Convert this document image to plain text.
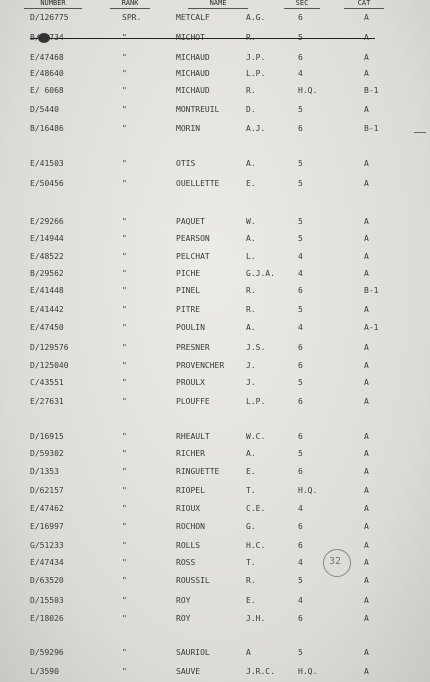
NUMBER	RANK	NAME	SEC	CAT
D/126775	SPR.	METCALF	A.G.	6	A
E/47468	"	MICHAUD	J.P.	6	A
E/48640	"	MICHAUD	L.P.	4	A
E/ 6068	"	MICHAUD	R.	H.Q.	B-1
D/5440	"	MONTREUIL	D.	5	A
B/16486	"	MORIN	A.J.	6	B-1
E/41503	"	OTIS	A.	5	A
E/50456	"	OUELLETTE	E.	5	A
E/29266	"	PAQUET	W.	5	A
E/14944	"	PEARSON	A.	5	A
E/48522	"	PELCHAT	L.	4	A
B/29562	"	PICHE	G.J.A.	4	A
E/41448	"	PINEL	R.	6	B-1
E/41442	"	PITRE	R.	5	A
E/47450	"	POULIN	A.	4	A-1
D/129576	"	PRESNER	J.S.	6	A
D/125040	"	PROVENCHER	J.	6	A
C/43551	"	PROULX	J.	5	A
E/27631	"	PLOUFFE	L.P.	6	A
D/16915	"	RHEAULT	W.C.	6	A
D/59302	"	RICHER	A.	5	A
D/1353	"	RINGUETTE	E.	6	A
D/62157	"	RIOPEL	T.	H.Q.	A
E/47462	"	RIOUX	C.E.	4	A
E/16997	"	ROCHON	G.	6	A
G/51233	"	ROLLS	H.C.	6	A
E/47434	"	ROSS	T.	4	A
D/63520	"	ROUSSIL	R.	5	A
D/15503	"	ROY	E.	4	A
E/18026	"	ROY	J.H.	6	A
D/59296	"	SAURIOL	A	5	A
L/3590	"	SAUVE	J.R.C.	H.Q.	A
32
